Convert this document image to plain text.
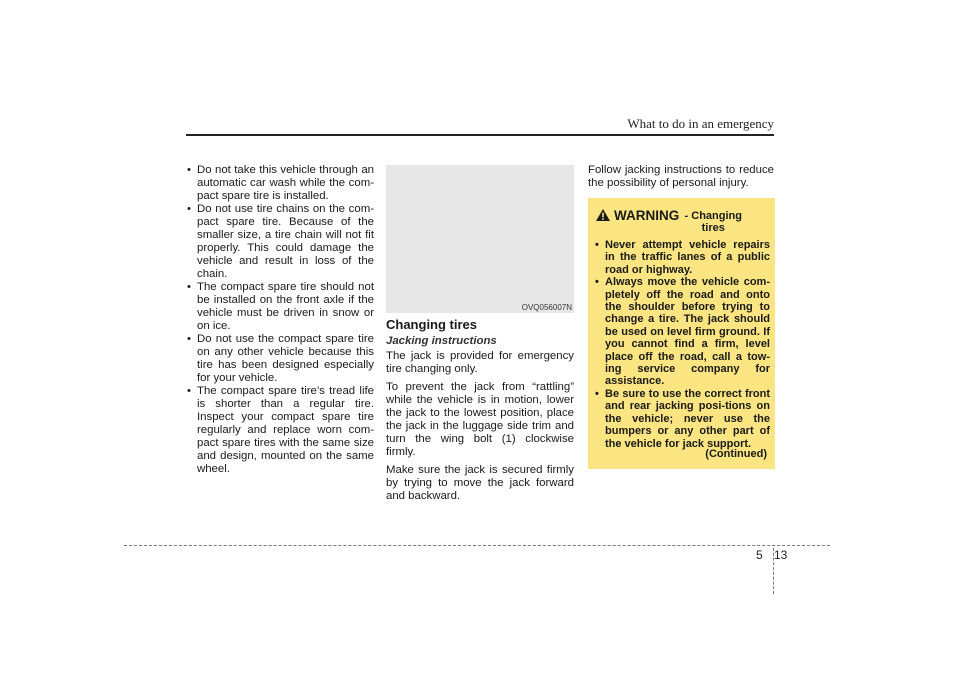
What to do in an emergency
• Do not take this vehicle through an automatic car wash while the com-pact spare tire is installed.
• Do not use tire chains on the com-pact spare tire. Because of the smaller size, a tire chain will not fit properly. This could damage the vehicle and result in loss of the chain.
• The compact spare tire should not be installed on the front axle if the vehicle must be driven in snow or on ice.
• Do not use the compact spare tire on any other vehicle because this tire has been designed especially for your vehicle.
• The compact spare tire’s tread life is shorter than a regular tire. Inspect your compact spare tire regularly and replace worn com-pact spare tires with the same size and design, mounted on the same wheel.
OVQ056007N
Changing tires
Jacking instructions

The jack is provided for emergency tire changing only.

To prevent the jack from “rattling” while the vehicle is in motion, lower the jack to the lowest position, place the jack in the luggage side trim and turn the wing bolt (1) clockwise firmly.

Make sure the jack is secured firmly by trying to move the jack forward and backward.

Follow jacking instructions to reduce the possibility of personal injury.

WARNING - Changing tires
• Never attempt vehicle repairs in the traffic lanes of a public road or highway.
• Always move the vehicle com-pletely off the road and onto the shoulder before trying to change a tire. The jack should be used on level firm ground. If you cannot find a firm, level place off the road, call a tow-ing service company for assistance.
• Be sure to use the correct front and rear jacking posi-tions on the vehicle; never use the bumpers or any other part of the vehicle for jack support.
(Continued)
5 13
